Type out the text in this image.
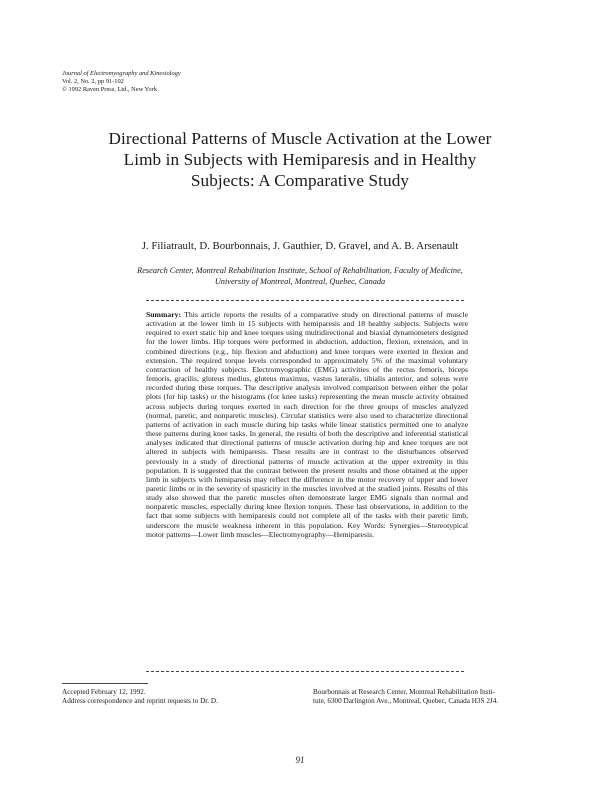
Journal of Electromyography and Kinesiology
Vol. 2, No. 2, pp 91-102
© 1992 Raven Press, Ltd., New York
Directional Patterns of Muscle Activation at the Lower
Limb in Subjects with Hemiparesis and in Healthy
Subjects: A Comparative Study
J. Filiatrault, D. Bourbonnais, J. Gauthier, D. Gravel, and A. B. Arsenault
Research Center, Montreal Rehabilitation Institute, School of Rehabilitation, Faculty of Medicine,
University of Montreal, Montreal, Quebec, Canada
Summary: This article reports the results of a comparative study on directional patterns of muscle activation at the lower limb in 15 subjects with hemiparesis and 18 healthy subjects. Subjects were required to exert static hip and knee torques using multidirectional and biaxial dynamometers designed for the lower limbs. Hip torques were performed in abduction, adduction, flexion, extension, and in combined directions (e.g., hip flexion and abduction) and knee torques were exerted in flexion and extension. The required torque levels corresponded to approximately 5% of the maximal voluntary contraction of healthy subjects. Electromyographic (EMG) activities of the rectus femoris, biceps femoris, gracilis, gluteus medius, gluteus maximus, vastus lateralis, tibialis anterior, and soleus were recorded during these torques. The descriptive analysis involved comparison between either the polar plots (for hip tasks) or the histograms (for knee tasks) representing the mean muscle activity obtained across subjects during torques exerted in each direction for the three groups of muscles analyzed (normal, paretic, and nonparetic muscles). Circular statistics were also used to characterize directional patterns of activation in each muscle during hip tasks while linear statistics permitted one to analyze these patterns during knee tasks. In general, the results of both the descriptive and inferential statistical analyses indicated that directional patterns of muscle activation during hip and knee torques are not altered in subjects with hemiparesis. These results are in contrast to the disturbances observed previously in a study of directional patterns of muscle activation at the upper extremity in this population. It is suggested that the contrast between the present results and those obtained at the upper limb in subjects with hemiparesis may reflect the difference in the motor recovery of upper and lower paretic limbs or in the severity of spasticity in the muscles involved at the studied joints. Results of this study also showed that the paretic muscles often demonstrate larger EMG signals than normal and nonparetic muscles, especially during knee flexion torques. These last observations, in addition to the fact that some subjects with hemiparesis could not complete all of the tasks with their paretic limb, underscore the muscle weakness inherent in this population. Key Words: Synergies—Stereotypical motor patterns—Lower limb muscles—Electromyography—Hemiparesis.
Accepted February 12, 1992.
Address correspondence and reprint requests to Dr. D.
Bourbonnais at Research Center, Montreal Rehabilitation Insti-
tute, 6300 Darlington Ave., Montreal, Quebec, Canada H3S 2J4.
91
